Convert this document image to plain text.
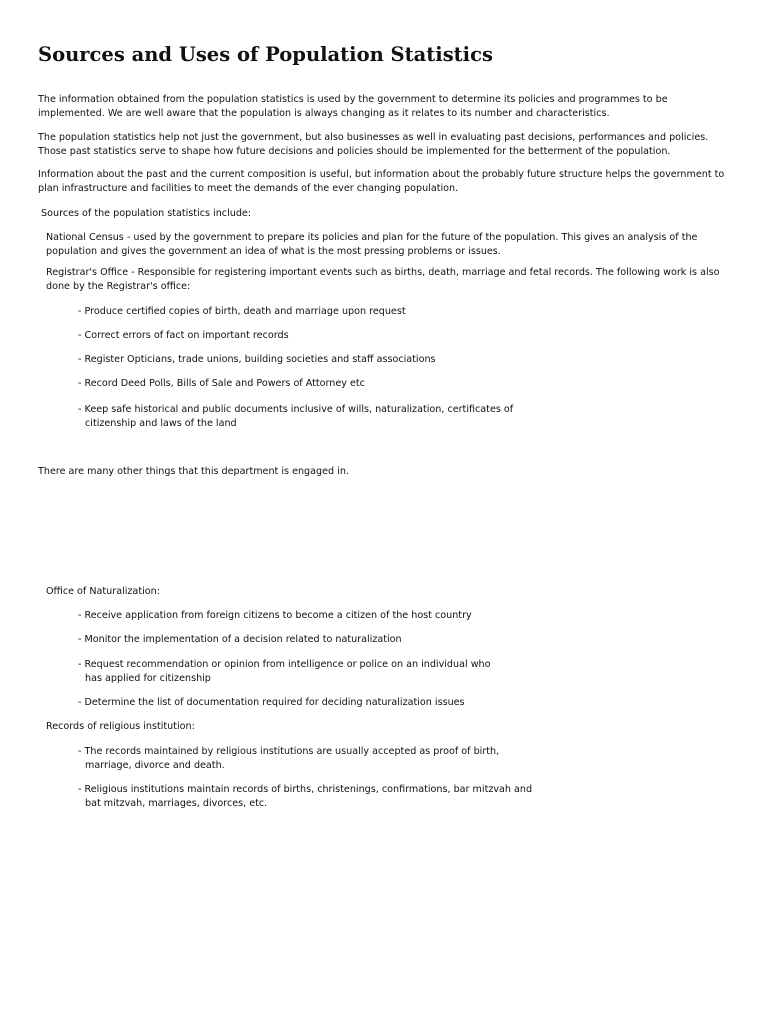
Sources and Uses of Population Statistics

The information obtained from the population statistics is used by the government to determine its policies and programmes to be implemented. We are well aware that the population is always changing as it relates to its number and characteristics.

The population statistics help not just the government, but also businesses as well in evaluating past decisions, performances and policies. Those past statistics serve to shape how future decisions and policies should be implemented for the betterment of the population.

Information about the past and the current composition is useful, but information about the probably future structure helps the government to plan infrastructure and facilities to meet the demands of the ever changing population.

Sources of the population statistics include:

National Census - used by the government to prepare its policies and plan for the future of the population. This gives an analysis of the population and gives the government an idea of what is the most pressing problems or issues.

Registrar's Office - Responsible for registering important events such as births, death, marriage and fetal records. The following work is also done by the Registrar's office:

- Produce certified copies of birth, death and marriage upon request

- Correct errors of fact on important records

- Register Opticians, trade unions, building societies and staff associations

- Record Deed Polls, Bills of Sale and Powers of Attorney etc

- Keep safe historical and public documents inclusive of wills, naturalization, certificates of citizenship and laws of the land

There are many other things that this department is engaged in.

Office of Naturalization:

- Receive application from foreign citizens to become a citizen of the host country

- Monitor the implementation of a decision related to naturalization

- Request recommendation or opinion from intelligence or police on an individual who has applied for citizenship

- Determine the list of documentation required for deciding naturalization issues

Records of religious institution:

- The records maintained by religious institutions are usually accepted as proof of birth, marriage, divorce and death.

- Religious institutions maintain records of births, christenings, confirmations, bar mitzvah and bat mitzvah, marriages, divorces, etc.
